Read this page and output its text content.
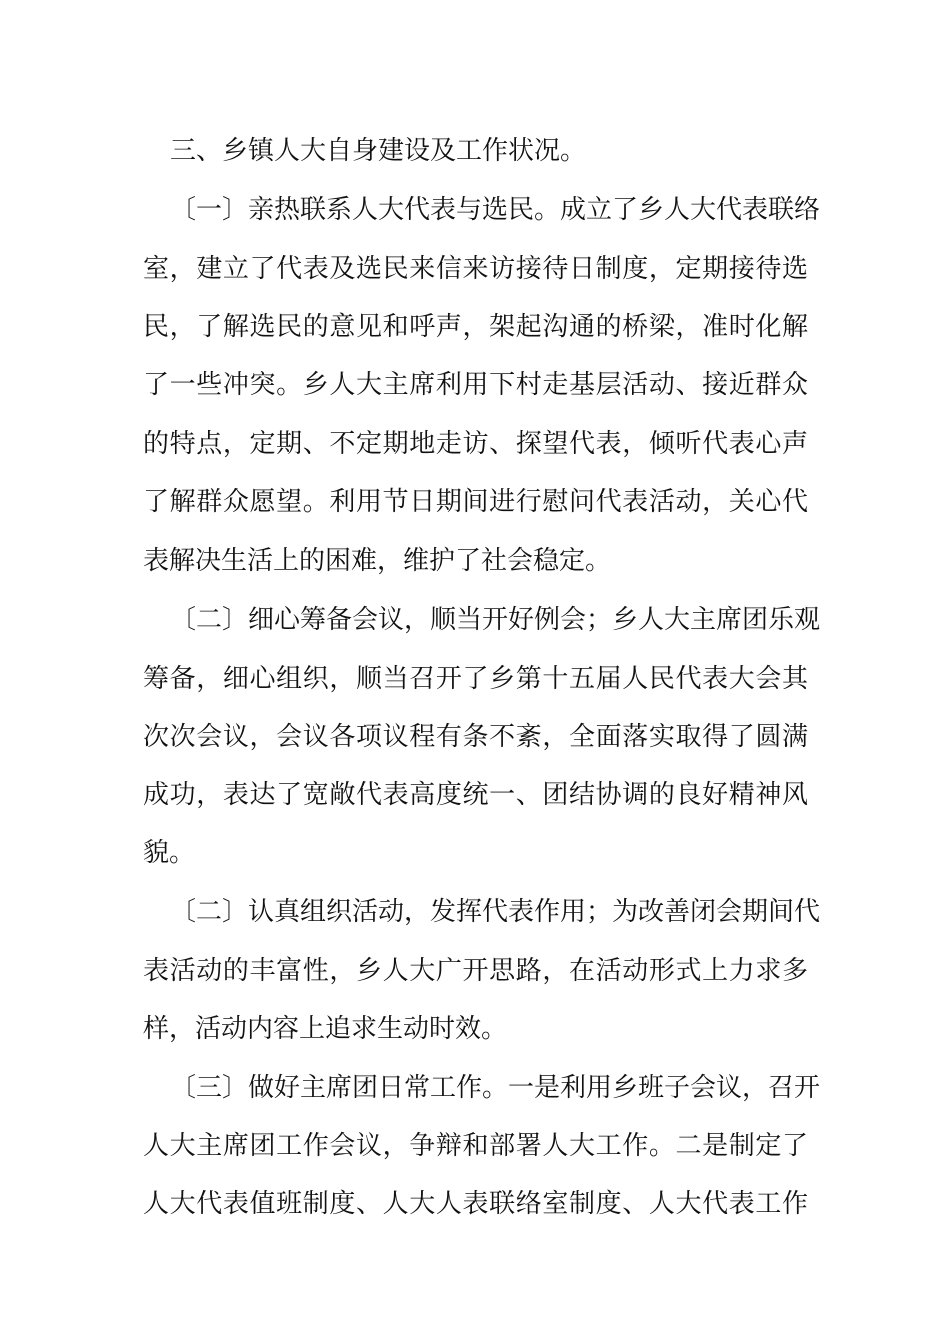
三、乡镇人大自身建设及工作状况。

〔一〕亲热联系人大代表与选民。成立了乡人大代表联络

室，建立了代表及选民来信来访接待日制度，定期接待选

民，了解选民的意见和呼声，架起沟通的桥梁，准时化解

了一些冲突。乡人大主席利用下村走基层活动、接近群众

的特点，定期、不定期地走访、探望代表，倾听代表心声

了解群众愿望。利用节日期间进行慰问代表活动，关心代

表解决生活上的困难，维护了社会稳定。

〔二〕细心筹备会议，顺当开好例会；乡人大主席团乐观

筹备，细心组织，顺当召开了乡第十五届人民代表大会其

次次会议，会议各项议程有条不紊，全面落实取得了圆满

成功，表达了宽敞代表高度统一、团结协调的良好精神风

貌。

〔二〕认真组织活动，发挥代表作用；为改善闭会期间代

表活动的丰富性，乡人大广开思路，在活动形式上力求多

样，活动内容上追求生动时效。

〔三〕做好主席团日常工作。一是利用乡班子会议，召开

人大主席团工作会议，争辩和部署人大工作。二是制定了

人大代表值班制度、人大人表联络室制度、人大代表工作
